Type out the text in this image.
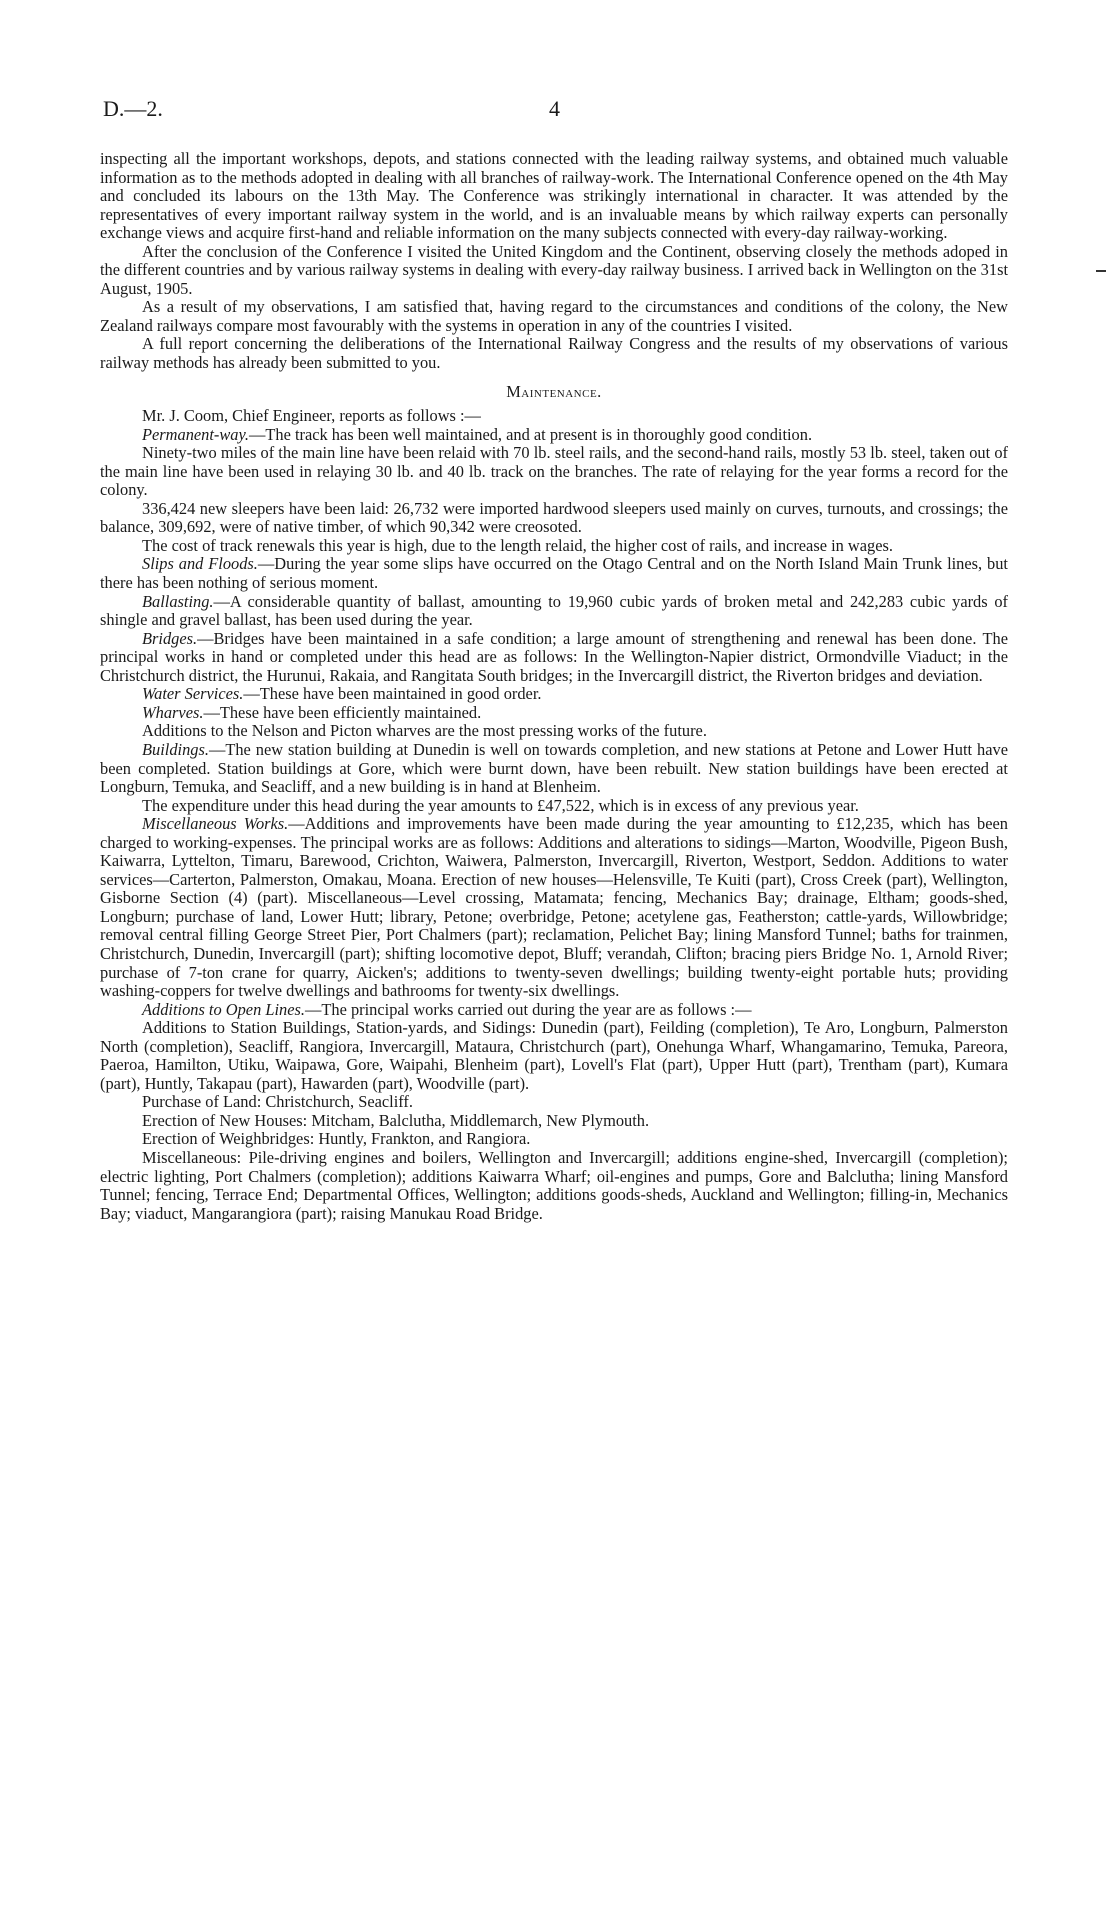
D.—2.	4

inspecting all the important workshops, depots, and stations connected with the leading railway systems, and obtained much valuable information as to the methods adopted in dealing with all branches of railway-work. The International Conference opened on the 4th May and concluded its labours on the 13th May. The Conference was strikingly international in character. It was attended by the representatives of every important railway system in the world, and is an invaluable means by which railway experts can personally exchange views and acquire first-hand and reliable information on the many subjects connected with every-day railway-working.

After the conclusion of the Conference I visited the United Kingdom and the Continent, observing closely the methods adoped in the different countries and by various railway systems in dealing with every-day railway business. I arrived back in Wellington on the 31st August, 1905.

As a result of my observations, I am satisfied that, having regard to the circumstances and conditions of the colony, the New Zealand railways compare most favourably with the systems in operation in any of the countries I visited.

A full report concerning the deliberations of the International Railway Congress and the results of my observations of various railway methods has already been submitted to you.

Maintenance.

Mr. J. Coom, Chief Engineer, reports as follows :—

Permanent-way.—The track has been well maintained, and at present is in thoroughly good condition.

Ninety-two miles of the main line have been relaid with 70 lb. steel rails, and the second-hand rails, mostly 53 lb. steel, taken out of the main line have been used in relaying 30 lb. and 40 lb. track on the branches. The rate of relaying for the year forms a record for the colony.

336,424 new sleepers have been laid: 26,732 were imported hardwood sleepers used mainly on curves, turnouts, and crossings; the balance, 309,692, were of native timber, of which 90,342 were creosoted.

The cost of track renewals this year is high, due to the length relaid, the higher cost of rails, and increase in wages.

Slips and Floods.—During the year some slips have occurred on the Otago Central and on the North Island Main Trunk lines, but there has been nothing of serious moment.

Ballasting.—A considerable quantity of ballast, amounting to 19,960 cubic yards of broken metal and 242,283 cubic yards of shingle and gravel ballast, has been used during the year.

Bridges.—Bridges have been maintained in a safe condition; a large amount of strengthening and renewal has been done. The principal works in hand or completed under this head are as follows: In the Wellington-Napier district, Ormondville Viaduct; in the Christchurch district, the Hurunui, Rakaia, and Rangitata South bridges; in the Invercargill district, the Riverton bridges and deviation.

Water Services.—These have been maintained in good order.

Wharves.—These have been efficiently maintained.

Additions to the Nelson and Picton wharves are the most pressing works of the future.

Buildings.—The new station building at Dunedin is well on towards completion, and new stations at Petone and Lower Hutt have been completed. Station buildings at Gore, which were burnt down, have been rebuilt. New station buildings have been erected at Longburn, Temuka, and Seacliff, and a new building is in hand at Blenheim.

The expenditure under this head during the year amounts to £47,522, which is in excess of any previous year.

Miscellaneous Works.—Additions and improvements have been made during the year amounting to £12,235, which has been charged to working-expenses. The principal works are as follows: Additions and alterations to sidings—Marton, Woodville, Pigeon Bush, Kaiwarra, Lyttelton, Timaru, Barewood, Crichton, Waiwera, Palmerston, Invercargill, Riverton, Westport, Seddon. Additions to water services—Carterton, Palmerston, Omakau, Moana. Erection of new houses—Helensville, Te Kuiti (part), Cross Creek (part), Wellington, Gisborne Section (4) (part). Miscellaneous—Level crossing, Matamata; fencing, Mechanics Bay; drainage, Eltham; goods-shed, Longburn; purchase of land, Lower Hutt; library, Petone; overbridge, Petone; acetylene gas, Featherston; cattle-yards, Willowbridge; removal central filling George Street Pier, Port Chalmers (part); reclamation, Pelichet Bay; lining Mansford Tunnel; baths for trainmen, Christchurch, Dunedin, Invercargill (part); shifting locomotive depot, Bluff; verandah, Clifton; bracing piers Bridge No. 1, Arnold River; purchase of 7-ton crane for quarry, Aicken's; additions to twenty-seven dwellings; building twenty-eight portable huts; providing washing-coppers for twelve dwellings and bathrooms for twenty-six dwellings.

Additions to Open Lines.—The principal works carried out during the year are as follows :—

Additions to Station Buildings, Station-yards, and Sidings: Dunedin (part), Feilding (completion), Te Aro, Longburn, Palmerston North (completion), Seacliff, Rangiora, Invercargill, Mataura, Christchurch (part), Onehunga Wharf, Whangamarino, Temuka, Pareora, Paeroa, Hamilton, Utiku, Waipawa, Gore, Waipahi, Blenheim (part), Lovell's Flat (part), Upper Hutt (part), Trentham (part), Kumara (part), Huntly, Takapau (part), Hawarden (part), Woodville (part).

Purchase of Land: Christchurch, Seacliff.

Erection of New Houses: Mitcham, Balclutha, Middlemarch, New Plymouth.

Erection of Weighbridges: Huntly, Frankton, and Rangiora.

Miscellaneous: Pile-driving engines and boilers, Wellington and Invercargill; additions engine-shed, Invercargill (completion); electric lighting, Port Chalmers (completion); additions Kaiwarra Wharf; oil-engines and pumps, Gore and Balclutha; lining Mansford Tunnel; fencing, Terrace End; Departmental Offices, Wellington; additions goods-sheds, Auckland and Wellington; filling-in, Mechanics Bay; viaduct, Mangarangiora (part); raising Manukau Road Bridge.
